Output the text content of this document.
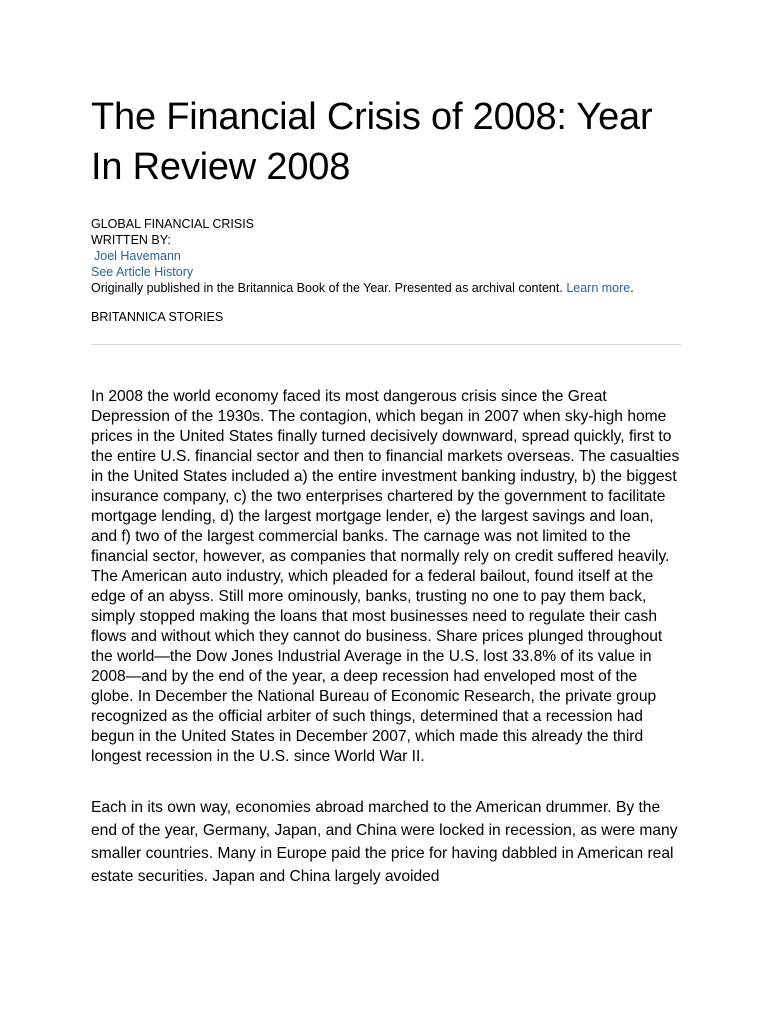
The Financial Crisis of 2008: Year In Review 2008
GLOBAL FINANCIAL CRISIS
WRITTEN BY:
Joel Havemann
See Article History
Originally published in the Britannica Book of the Year. Presented as archival content. Learn more.
BRITANNICA STORIES

In 2008 the world economy faced its most dangerous crisis since the Great Depression of the 1930s. The contagion, which began in 2007 when sky-high home prices in the United States finally turned decisively downward, spread quickly, first to the entire U.S. financial sector and then to financial markets overseas. The casualties in the United States included a) the entire investment banking industry, b) the biggest insurance company, c) the two enterprises chartered by the government to facilitate mortgage lending, d) the largest mortgage lender, e) the largest savings and loan, and f) two of the largest commercial banks. The carnage was not limited to the financial sector, however, as companies that normally rely on credit suffered heavily. The American auto industry, which pleaded for a federal bailout, found itself at the edge of an abyss. Still more ominously, banks, trusting no one to pay them back, simply stopped making the loans that most businesses need to regulate their cash flows and without which they cannot do business. Share prices plunged throughout the world—the Dow Jones Industrial Average in the U.S. lost 33.8% of its value in 2008—and by the end of the year, a deep recession had enveloped most of the globe. In December the National Bureau of Economic Research, the private group recognized as the official arbiter of such things, determined that a recession had begun in the United States in December 2007, which made this already the third longest recession in the U.S. since World War II.

Each in its own way, economies abroad marched to the American drummer. By the end of the year, Germany, Japan, and China were locked in recession, as were many smaller countries. Many in Europe paid the price for having dabbled in American real estate securities. Japan and China largely avoided
